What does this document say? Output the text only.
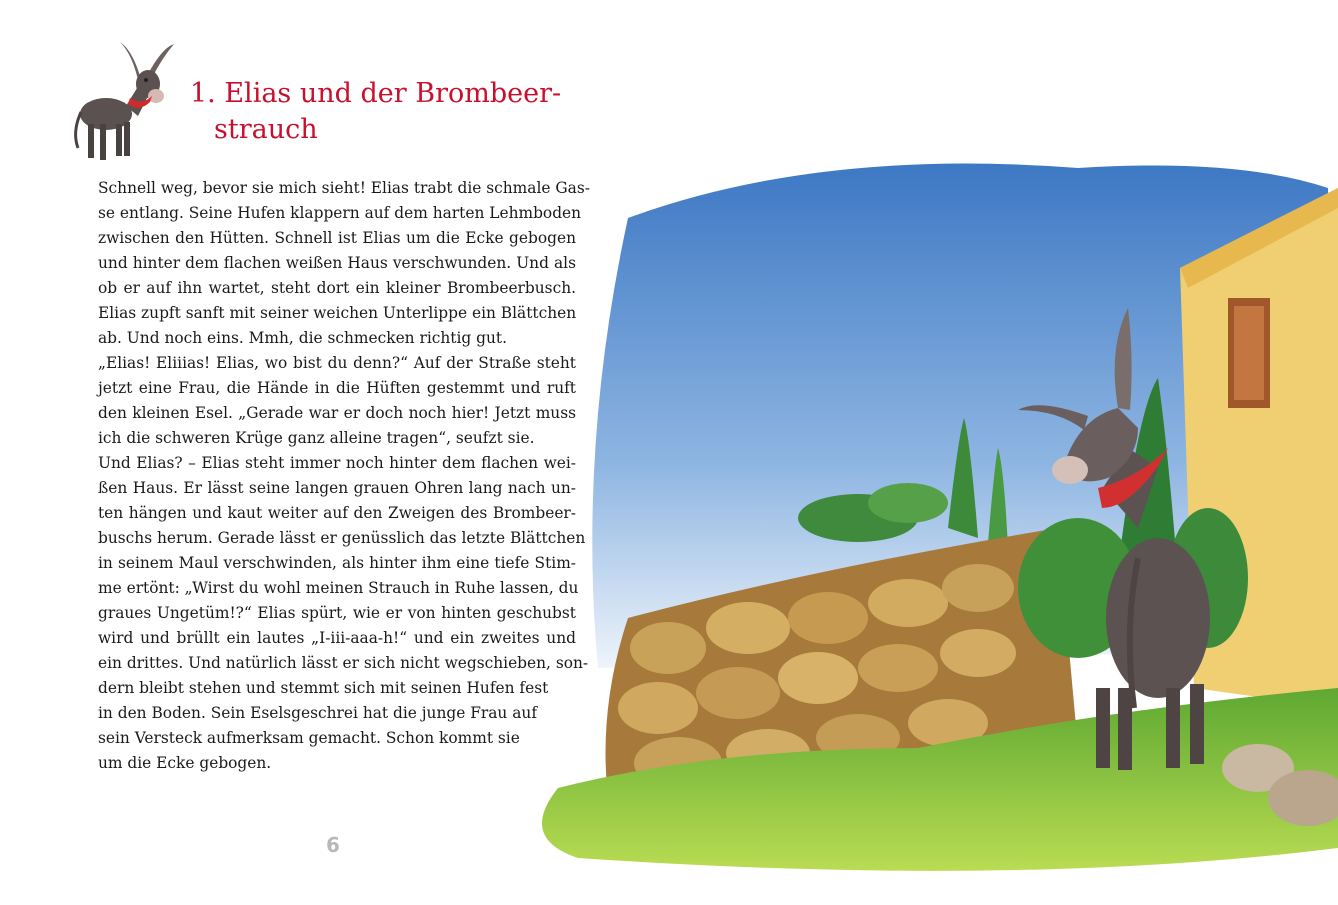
1. Elias und der Brombeer-
strauch
Schnell weg, bevor sie mich sieht! Elias trabt die schmale Gas-
se entlang. Seine Hufen klappern auf dem harten Lehmboden
zwischen den Hütten. Schnell ist Elias um die Ecke gebogen
und hinter dem flachen weißen Haus verschwunden. Und als
ob er auf ihn wartet, steht dort ein kleiner Brombeerbusch.
Elias zupft sanft mit seiner weichen Unterlippe ein Blättchen
ab. Und noch eins. Mmh, die schmecken richtig gut.
„Elias! Eliiias! Elias, wo bist du denn?“ Auf der Straße steht
jetzt eine Frau, die Hände in die Hüften gestemmt und ruft
den kleinen Esel. „Gerade war er doch noch hier! Jetzt muss
ich die schweren Krüge ganz alleine tragen“, seufzt sie.
Und Elias? – Elias steht immer noch hinter dem flachen wei-
ßen Haus. Er lässt seine langen grauen Ohren lang nach un-
ten hängen und kaut weiter auf den Zweigen des Brombeer-
buschs herum. Gerade lässt er genüsslich das letzte Blättchen
in seinem Maul verschwinden, als hinter ihm eine tiefe Stim-
me ertönt: „Wirst du wohl meinen Strauch in Ruhe lassen, du
graues Ungetüm!?“ Elias spürt, wie er von hinten geschubst
wird und brüllt ein lautes „I-iii-aaa-h!“ und ein zweites und
ein drittes. Und natürlich lässt er sich nicht wegschieben, son-
dern bleibt stehen und stemmt sich mit seinen Hufen fest
in den Boden. Sein Eselsgeschrei hat die junge Frau auf
sein Versteck aufmerksam gemacht. Schon kommt sie
um die Ecke gebogen.
6
